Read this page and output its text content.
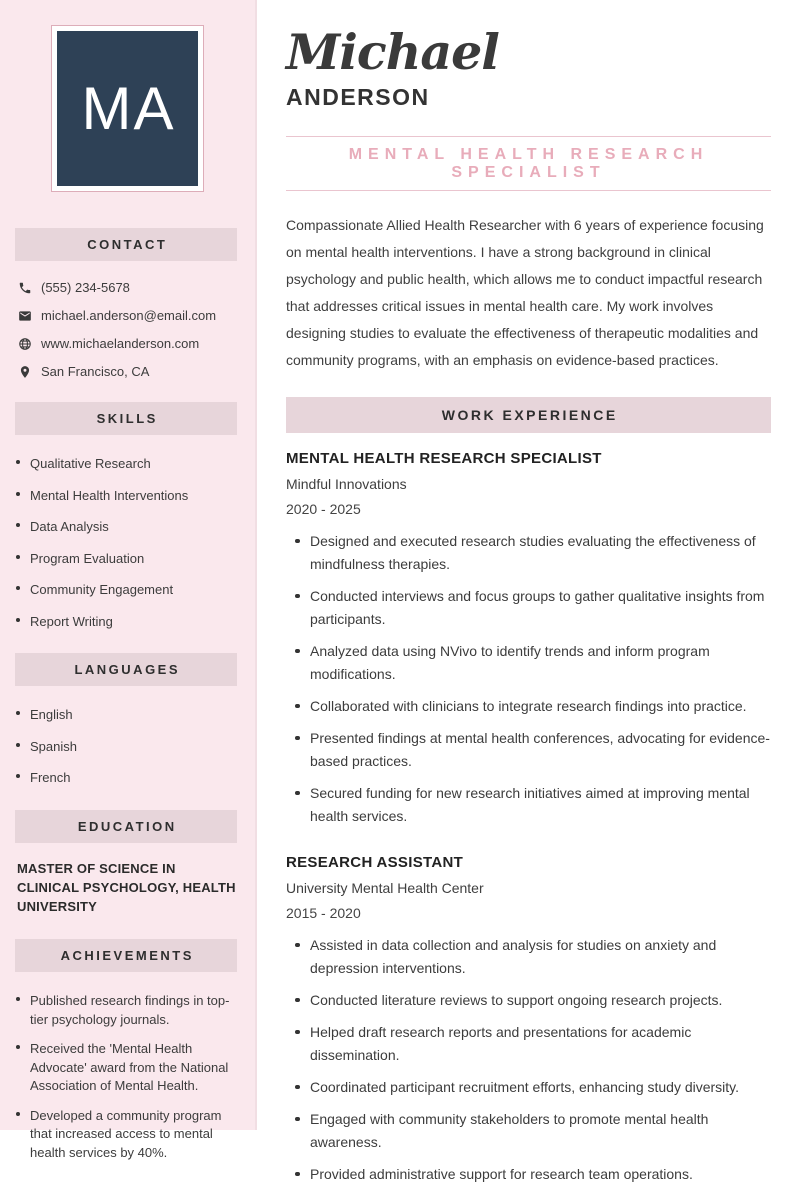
MA
CONTACT
(555) 234-5678
michael.anderson@email.com
www.michaelanderson.com
San Francisco, CA
SKILLS
Qualitative Research
Mental Health Interventions
Data Analysis
Program Evaluation
Community Engagement
Report Writing
LANGUAGES
English
Spanish
French
EDUCATION
MASTER OF SCIENCE IN CLINICAL PSYCHOLOGY, HEALTH UNIVERSITY
ACHIEVEMENTS
Published research findings in top-tier psychology journals.
Received the 'Mental Health Advocate' award from the National Association of Mental Health.
Developed a community program that increased access to mental health services by 40%.
Michael
ANDERSON
MENTAL HEALTH RESEARCH SPECIALIST

Compassionate Allied Health Researcher with 6 years of experience focusing on mental health interventions. I have a strong background in clinical psychology and public health, which allows me to conduct impactful research that addresses critical issues in mental health care. My work involves designing studies to evaluate the effectiveness of therapeutic modalities and community programs, with an emphasis on evidence-based practices.

WORK EXPERIENCE
MENTAL HEALTH RESEARCH SPECIALIST
Mindful Innovations
2020 - 2025
Designed and executed research studies evaluating the effectiveness of mindfulness therapies.
Conducted interviews and focus groups to gather qualitative insights from participants.
Analyzed data using NVivo to identify trends and inform program modifications.
Collaborated with clinicians to integrate research findings into practice.
Presented findings at mental health conferences, advocating for evidence-based practices.
Secured funding for new research initiatives aimed at improving mental health services.
RESEARCH ASSISTANT
University Mental Health Center
2015 - 2020
Assisted in data collection and analysis for studies on anxiety and depression interventions.
Conducted literature reviews to support ongoing research projects.
Helped draft research reports and presentations for academic dissemination.
Coordinated participant recruitment efforts, enhancing study diversity.
Engaged with community stakeholders to promote mental health awareness.
Provided administrative support for research team operations.
